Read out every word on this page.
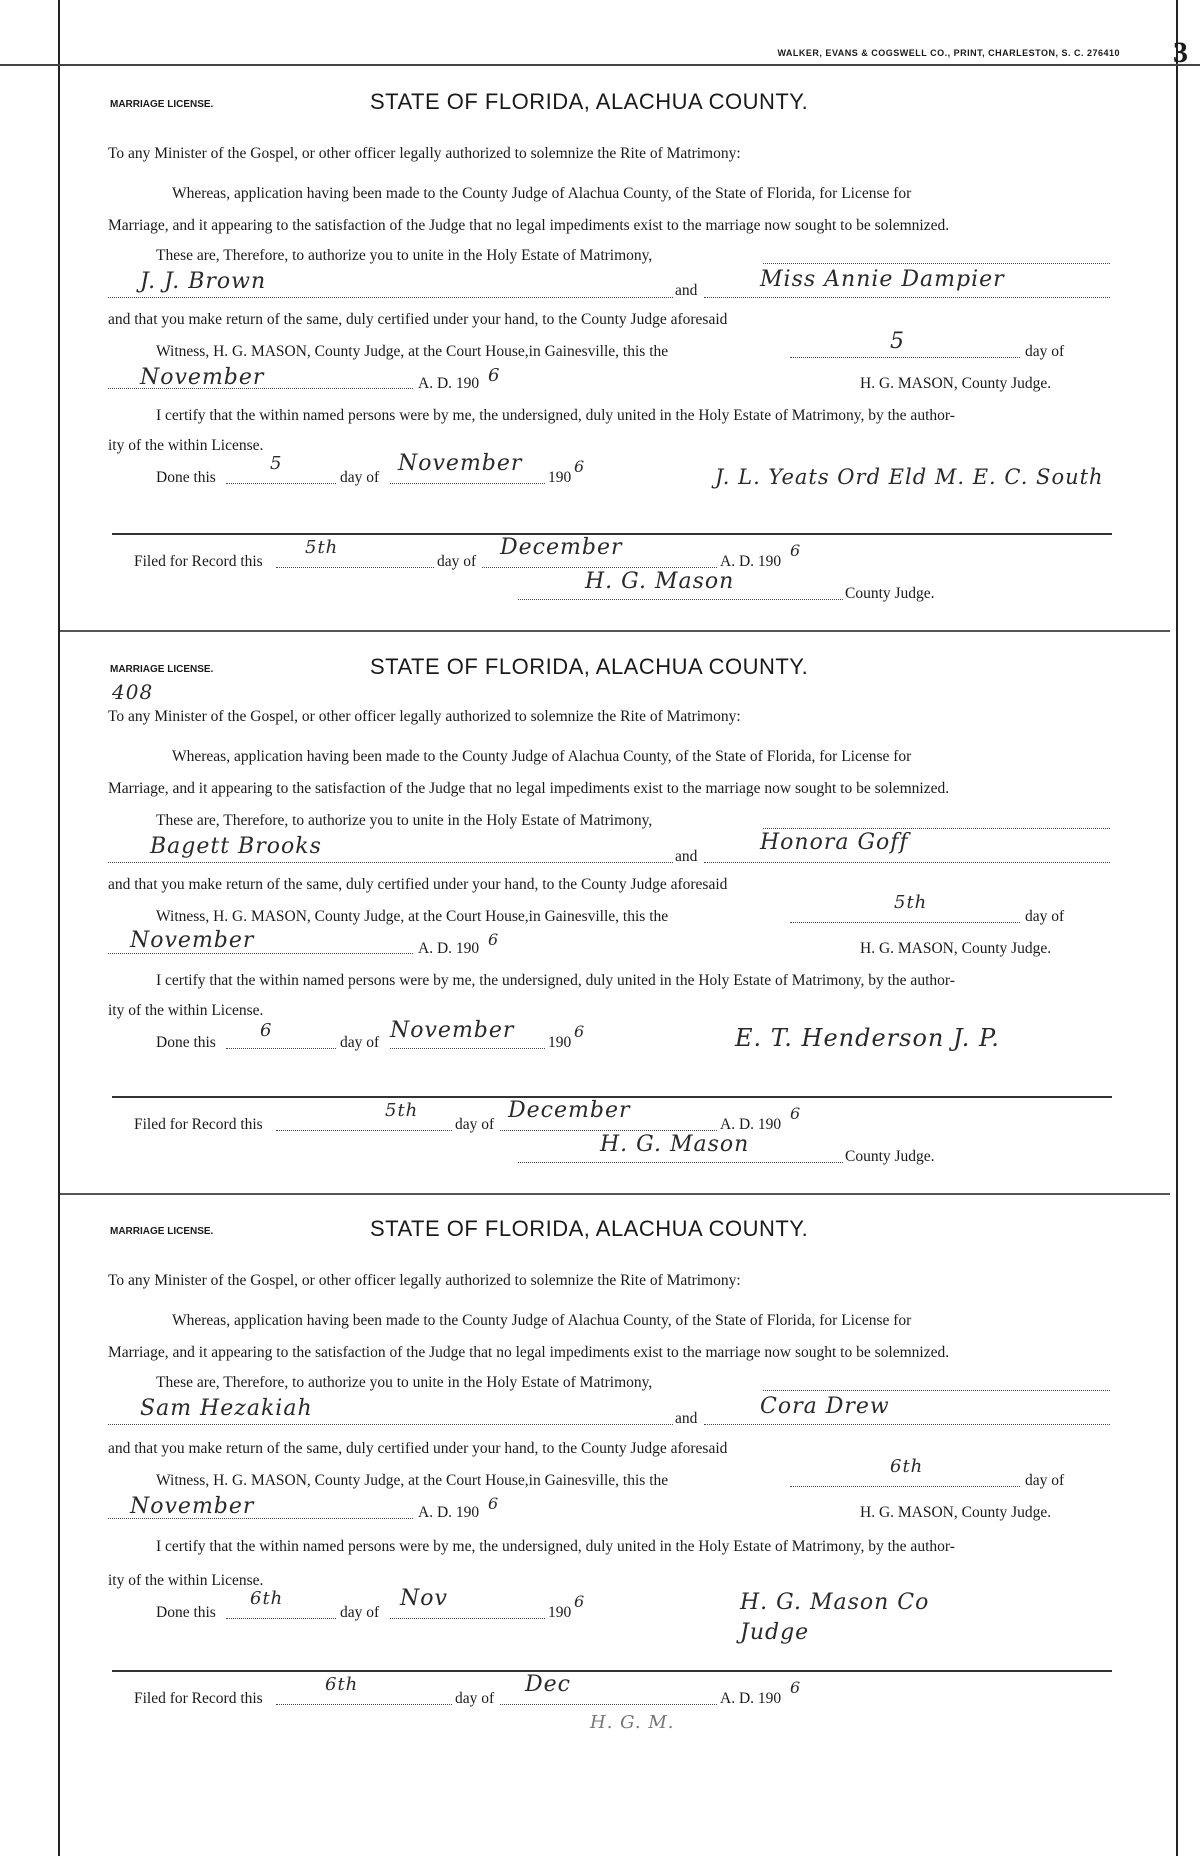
WALKER, EVANS & COGSWELL CO., PRINT, CHARLESTON, S. C. 276410 3
MARRIAGE LICENSE.	STATE OF FLORIDA, ALACHUA COUNTY.
To any Minister of the Gospel, or other officer legally authorized to solemnize the Rite of Matrimony:
Whereas, application having been made to the County Judge of Alachua County, of the State of Florida, for License for
Marriage, and it appearing to the satisfaction of the Judge that no legal impediments exist to the marriage now sought to be solemnized.
These are, Therefore, to authorize you to unite in the Holy Estate of Matrimony,
J. J. Brown	and	Miss Annie Dampier
and that you make return of the same, duly certified under your hand, to the County Judge aforesaid
Witness, H. G. MASON, County Judge, at the Court House,in Gainesville, this the	5	day of
November	A. D. 190 6	H. G. MASON, County Judge.
I certify that the within named persons were by me, the undersigned, duly united in the Holy Estate of Matrimony, by the author-
ity of the within License.
Done this
5
day of
November
190
6	J. L. Yeats Ord Eld M. E. C. South
Filed for Record this
5th
day of
December
A. D. 190
6
H. G. Mason	County Judge.
MARRIAGE LICENSE.	STATE OF FLORIDA, ALACHUA COUNTY.
408
To any Minister of the Gospel, or other officer legally authorized to solemnize the Rite of Matrimony:
Whereas, application having been made to the County Judge of Alachua County, of the State of Florida, for License for
Marriage, and it appearing to the satisfaction of the Judge that no legal impediments exist to the marriage now sought to be solemnized.
These are, Therefore, to authorize you to unite in the Holy Estate of Matrimony,
Bagett Brooks	and
Honora Goff
and that you make return of the same, duly certified under your hand, to the County Judge aforesaid
Witness, H. G. MASON, County Judge, at the Court House,in Gainesville, this the
5th
day of
November	A. D. 190 6	H. G. MASON, County Judge.
I certify that the within named persons were by me, the undersigned, duly united in the Holy Estate of Matrimony, by the author-
ity of the within License.
Done this
6
day of November 190
6	E. T. Henderson J. P.
Filed for Record this
5th
day of
December
A. D. 190
6
H. G. Mason	County Judge.
MARRIAGE LICENSE.	STATE OF FLORIDA, ALACHUA COUNTY.
To any Minister of the Gospel, or other officer legally authorized to solemnize the Rite of Matrimony:
Whereas, application having been made to the County Judge of Alachua County, of the State of Florida, for License for
Marriage, and it appearing to the satisfaction of the Judge that no legal impediments exist to the marriage now sought to be solemnized.
These are, Therefore, to authorize you to unite in the Holy Estate of Matrimony,
Sam Hezakiah	and	Cora Drew
and that you make return of the same, duly certified under your hand, to the County Judge aforesaid
Witness, H. G. MASON, County Judge, at the Court House,in Gainesville, this the
6th
day of
November	A. D. 190 6	H. G. MASON, County Judge.
I certify that the within named persons were by me, the undersigned, duly united in the Holy Estate of Matrimony, by the author-
ity of the within License.
Done this
6th
day of
Nov
190
6	H. G. Mason Co Judge
Filed for Record this
6th
day of
Dec
A. D. 190
6
H. G. M.
